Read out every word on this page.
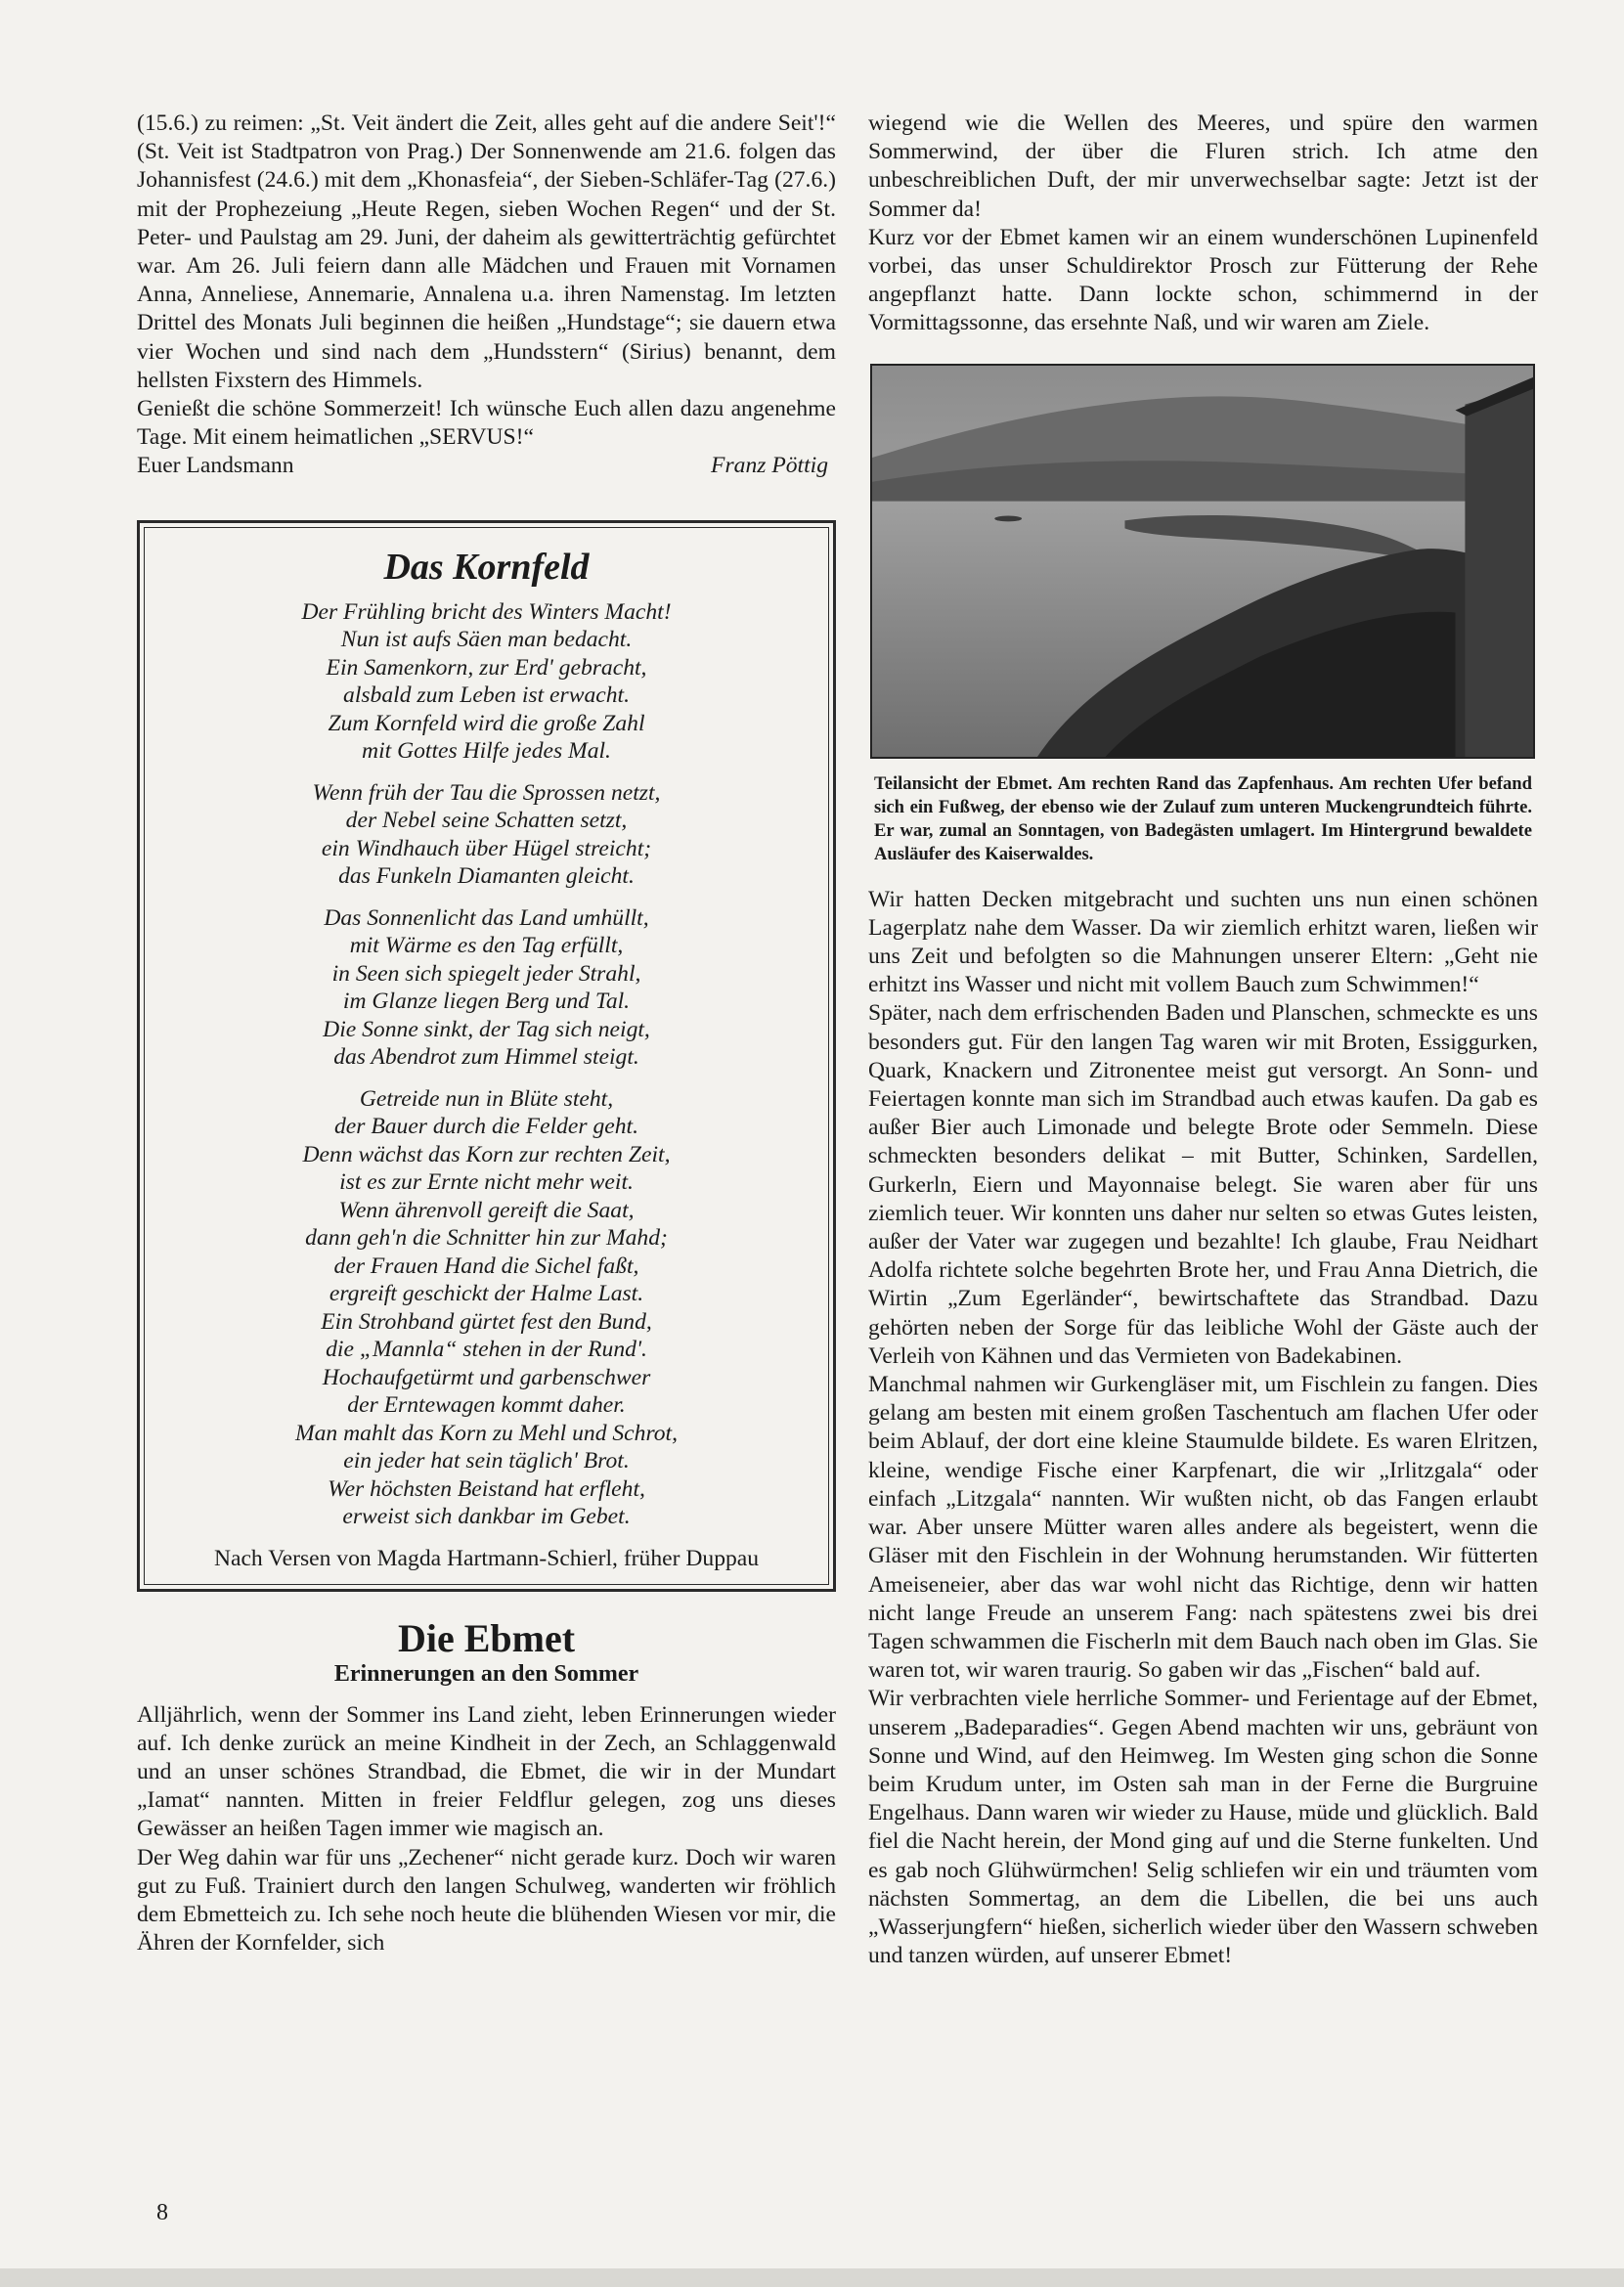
(15.6.) zu reimen: „St. Veit ändert die Zeit, alles geht auf die andere Seit'!“ (St. Veit ist Stadtpatron von Prag.) Der Sonnenwende am 21.6. folgen das Johannisfest (24.6.) mit dem „Khonasfeia“, der Sieben-Schläfer-Tag (27.6.) mit der Prophezeiung „Heute Regen, sieben Wochen Regen“ und der St. Peter- und Paulstag am 29. Juni, der daheim als gewitterträchtig gefürchtet war. Am 26. Juli feiern dann alle Mädchen und Frauen mit Vornamen Anna, Anneliese, Annemarie, Annalena u.a. ihren Namenstag. Im letzten Drittel des Monats Juli beginnen die heißen „Hundstage“; sie dauern etwa vier Wochen und sind nach dem „Hundsstern“ (Sirius) benannt, dem hellsten Fixstern des Himmels.

Genießt die schöne Sommerzeit! Ich wünsche Euch allen dazu angenehme Tage. Mit einem heimatlichen „SERVUS!“

Euer Landsmann	Franz Pöttig
Das Kornfeld
Der Frühling bricht des Winters Macht!
Nun ist aufs Säen man bedacht.
Ein Samenkorn, zur Erd' gebracht,
alsbald zum Leben ist erwacht.
Zum Kornfeld wird die große Zahl
mit Gottes Hilfe jedes Mal.
Wenn früh der Tau die Sprossen netzt,
der Nebel seine Schatten setzt,
ein Windhauch über Hügel streicht;
das Funkeln Diamanten gleicht.
Das Sonnenlicht das Land umhüllt,
mit Wärme es den Tag erfüllt,
in Seen sich spiegelt jeder Strahl,
im Glanze liegen Berg und Tal.
Die Sonne sinkt, der Tag sich neigt,
das Abendrot zum Himmel steigt.
Getreide nun in Blüte steht,
der Bauer durch die Felder geht.
Denn wächst das Korn zur rechten Zeit,
ist es zur Ernte nicht mehr weit.
Wenn ährenvoll gereift die Saat,
dann geh'n die Schnitter hin zur Mahd;
der Frauen Hand die Sichel faßt,
ergreift geschickt der Halme Last.
Ein Strohband gürtet fest den Bund,
die „Mannla“ stehen in der Rund'.
Hochaufgetürmt und garbenschwer
der Erntewagen kommt daher.
Man mahlt das Korn zu Mehl und Schrot,
ein jeder hat sein täglich' Brot.
Wer höchsten Beistand hat erfleht,
erweist sich dankbar im Gebet.
Nach Versen von Magda Hartmann-Schierl, früher Duppau
Die Ebmet
Erinnerungen an den Sommer

Alljährlich, wenn der Sommer ins Land zieht, leben Erinnerungen wieder auf. Ich denke zurück an meine Kindheit in der Zech, an Schlaggenwald und an unser schönes Strandbad, die Ebmet, die wir in der Mundart „Iamat“ nannten. Mitten in freier Feldflur gelegen, zog uns dieses Gewässer an heißen Tagen immer wie magisch an.

Der Weg dahin war für uns „Zechener“ nicht gerade kurz. Doch wir waren gut zu Fuß. Trainiert durch den langen Schulweg, wanderten wir fröhlich dem Ebmetteich zu. Ich sehe noch heute die blühenden Wiesen vor mir, die Ähren der Kornfelder, sich

wiegend wie die Wellen des Meeres, und spüre den warmen Sommerwind, der über die Fluren strich. Ich atme den unbeschreiblichen Duft, der mir unverwechselbar sagte: Jetzt ist der Sommer da!

Kurz vor der Ebmet kamen wir an einem wunderschönen Lupinenfeld vorbei, das unser Schuldirektor Prosch zur Fütterung der Rehe angepflanzt hatte. Dann lockte schon, schimmernd in der Vormittagssonne, das ersehnte Naß, und wir waren am Ziele.

Teilansicht der Ebmet. Am rechten Rand das Zapfenhaus. Am rechten Ufer befand sich ein Fußweg, der ebenso wie der Zulauf zum unteren Muckengrundteich führte. Er war, zumal an Sonntagen, von Badegästen umlagert. Im Hintergrund bewaldete Ausläufer des Kaiserwaldes.

Wir hatten Decken mitgebracht und suchten uns nun einen schönen Lagerplatz nahe dem Wasser. Da wir ziemlich erhitzt waren, ließen wir uns Zeit und befolgten so die Mahnungen unserer Eltern: „Geht nie erhitzt ins Wasser und nicht mit vollem Bauch zum Schwimmen!“

Später, nach dem erfrischenden Baden und Planschen, schmeckte es uns besonders gut. Für den langen Tag waren wir mit Broten, Essiggurken, Quark, Knackern und Zitronentee meist gut versorgt. An Sonn- und Feiertagen konnte man sich im Strandbad auch etwas kaufen. Da gab es außer Bier auch Limonade und belegte Brote oder Semmeln. Diese schmeckten besonders delikat – mit Butter, Schinken, Sardellen, Gurkerln, Eiern und Mayonnaise belegt. Sie waren aber für uns ziemlich teuer. Wir konnten uns daher nur selten so etwas Gutes leisten, außer der Vater war zugegen und bezahlte! Ich glaube, Frau Neidhart Adolfa richtete solche begehrten Brote her, und Frau Anna Dietrich, die Wirtin „Zum Egerländer“, bewirtschaftete das Strandbad. Dazu gehörten neben der Sorge für das leibliche Wohl der Gäste auch der Verleih von Kähnen und das Vermieten von Badekabinen.

Manchmal nahmen wir Gurkengläser mit, um Fischlein zu fangen. Dies gelang am besten mit einem großen Taschentuch am flachen Ufer oder beim Ablauf, der dort eine kleine Staumulde bildete. Es waren Elritzen, kleine, wendige Fische einer Karpfenart, die wir „Irlitzgala“ oder einfach „Litzgala“ nannten. Wir wußten nicht, ob das Fangen erlaubt war. Aber unsere Mütter waren alles andere als begeistert, wenn die Gläser mit den Fischlein in der Wohnung herumstanden. Wir fütterten Ameiseneier, aber das war wohl nicht das Richtige, denn wir hatten nicht lange Freude an unserem Fang: nach spätestens zwei bis drei Tagen schwammen die Fischerln mit dem Bauch nach oben im Glas. Sie waren tot, wir waren traurig. So gaben wir das „Fischen“ bald auf.

Wir verbrachten viele herrliche Sommer- und Ferientage auf der Ebmet, unserem „Badeparadies“. Gegen Abend machten wir uns, gebräunt von Sonne und Wind, auf den Heimweg. Im Westen ging schon die Sonne beim Krudum unter, im Osten sah man in der Ferne die Burgruine Engelhaus. Dann waren wir wieder zu Hause, müde und glücklich. Bald fiel die Nacht herein, der Mond ging auf und die Sterne funkelten. Und es gab noch Glühwürmchen! Selig schliefen wir ein und träumten vom nächsten Sommertag, an dem die Libellen, die bei uns auch „Wasserjungfern“ hießen, sicherlich wieder über den Wassern schweben und tanzen würden, auf unserer Ebmet!

8
